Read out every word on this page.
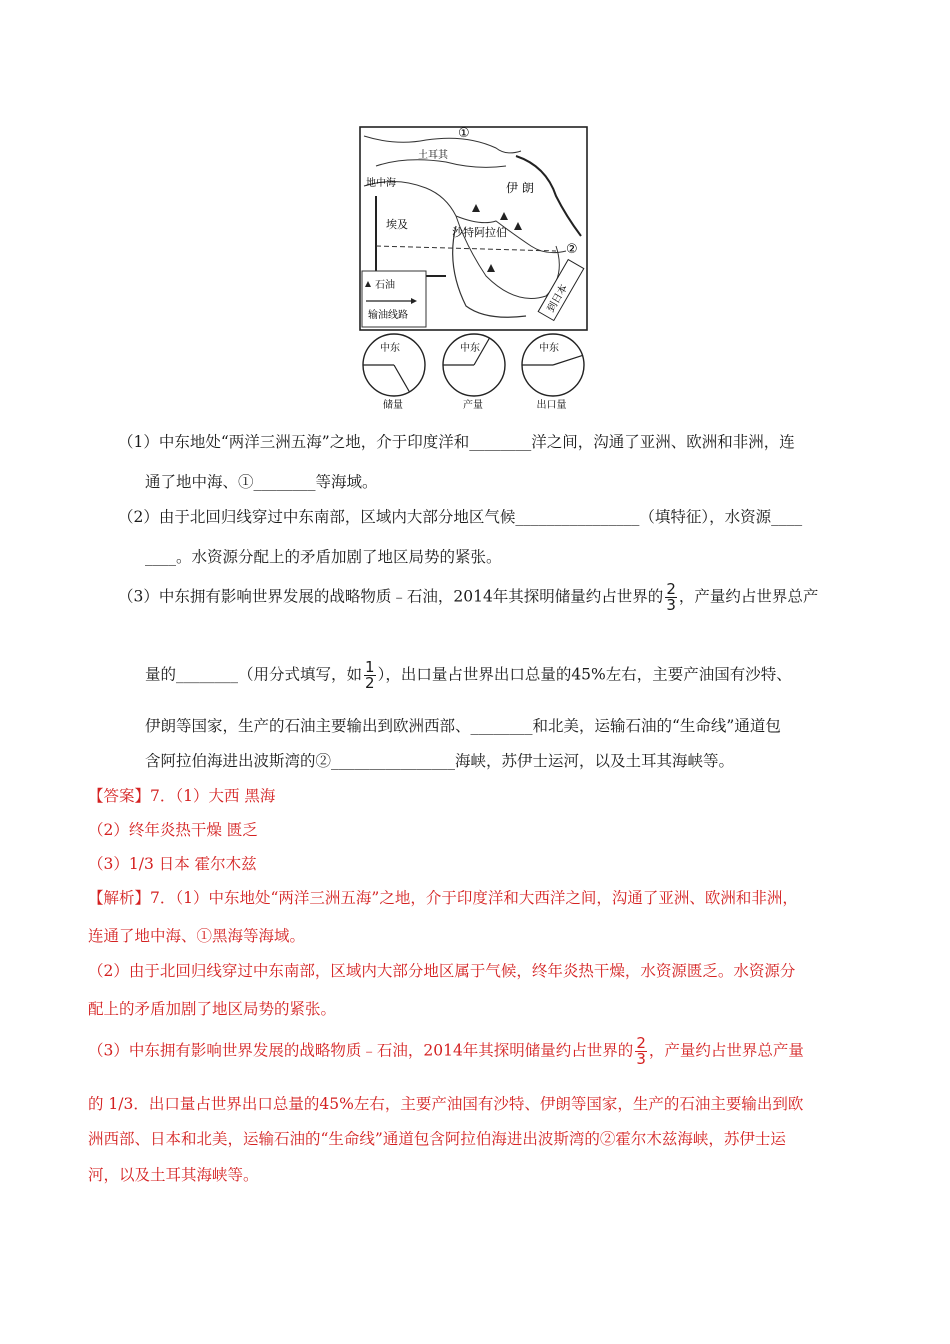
①
土耳其
地中海	伊 朗
埃及
沙特阿拉伯
②
石油
输油线路
到日本
中东
储量
中东
产量
中东
出口量
（1）中东地处“两洋三洲五海”之地，介于印度洋和________洋之间，沟通了亚洲、欧洲和非洲，连
通了地中海、①________等海域。
（2）由于北回归线穿过中东南部，区域内大部分地区气候________________（填特征），水资源____
____。水资源分配上的矛盾加剧了地区局势的紧张。
（3）中东拥有影响世界发展的战略物质﹣石油，2014年其探明储量约占世界的 $\frac{2}{3}$ ，产量约占世界总产
量的________（用分式填写，如 $\frac{1}{2}$ ），出口量占世界出口总量的45%左右，主要产油国有沙特、
伊朗等国家，生产的石油主要输出到欧洲西部、________和北美，运输石油的“生命线”通道包
含阿拉伯海进出波斯湾的②________________海峡，苏伊士运河，以及土耳其海峡等。
【答案】7．（1）大西 黑海
（2）终年炎热干燥 匮乏
（3）1/3 日本 霍尔木兹
【解析】7．（1）中东地处“两洋三洲五海”之地，介于印度洋和大西洋之间，沟通了亚洲、欧洲和非洲，
连通了地中海、①黑海等海域。
（2）由于北回归线穿过中东南部，区域内大部分地区属于气候，终年炎热干燥，水资源匮乏。水资源分
配上的矛盾加剧了地区局势的紧张。
（3）中东拥有影响世界发展的战略物质﹣石油，2014年其探明储量约占世界的 $\frac{2}{3}$ ，产量约占世界总产量
的 1/3．出口量占世界出口总量的45%左右，主要产油国有沙特、伊朗等国家，生产的石油主要输出到欧
洲西部、日本和北美，运输石油的“生命线”通道包含阿拉伯海进出波斯湾的②霍尔木兹海峡，苏伊士运
河，以及土耳其海峡等。
